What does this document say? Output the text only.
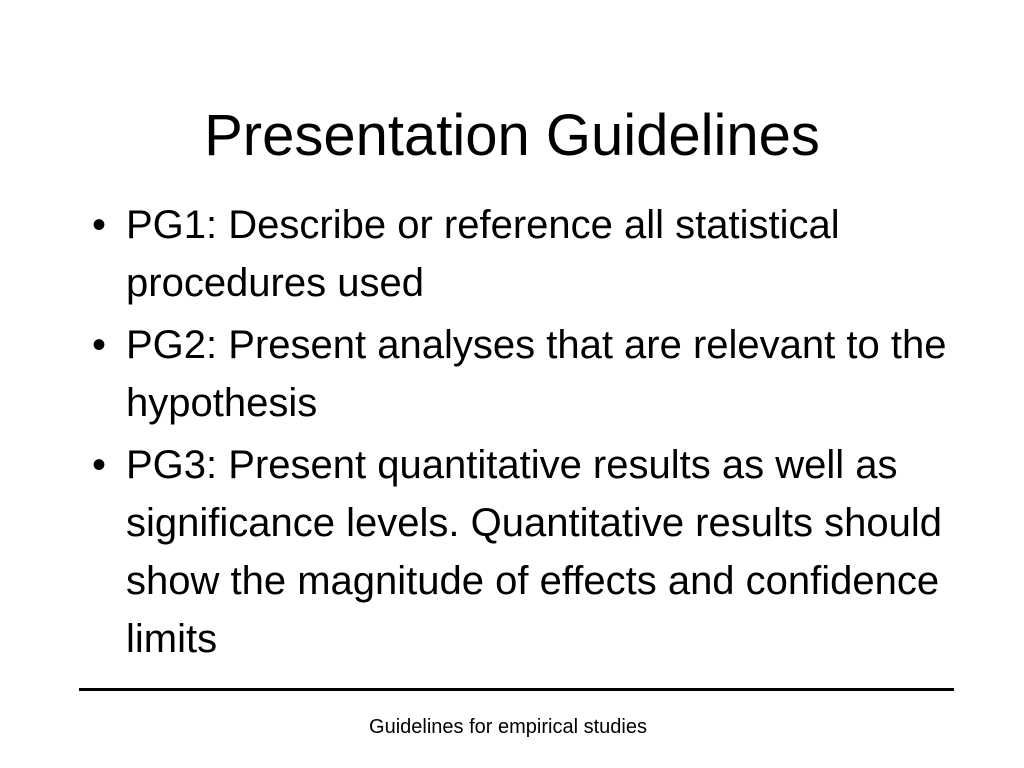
Presentation Guidelines
• PG1: Describe or reference all statistical procedures used
• PG2: Present analyses that are relevant to the hypothesis
• PG3: Present quantitative results as well as significance levels. Quantitative results should show the magnitude of effects and confidence limits
Guidelines for empirical studies
